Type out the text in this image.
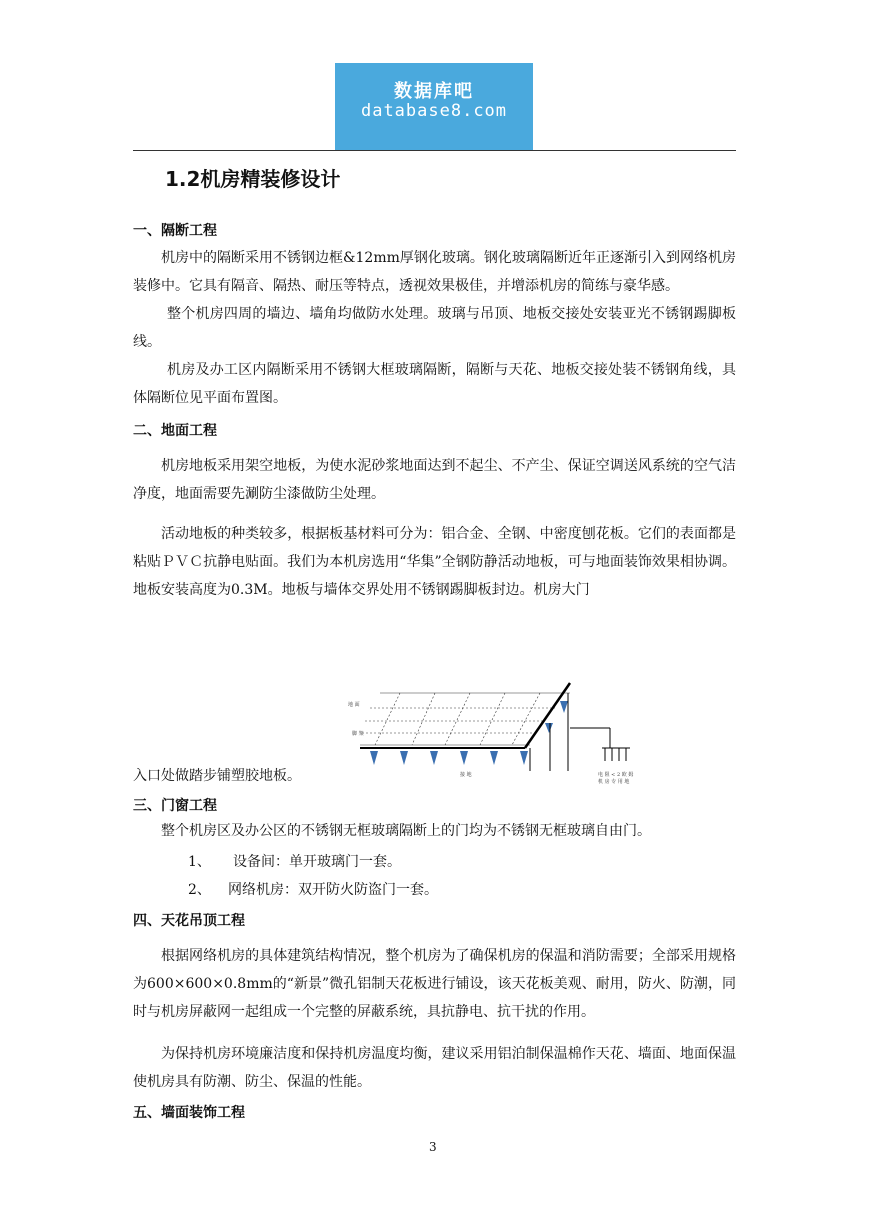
数据库吧
database8.com
1.2机房精装修设计
一、隔断工程
机房中的隔断采用不锈钢边框&12mm厚钢化玻璃。钢化玻璃隔断近年正逐渐引入到网络机房装修中。它具有隔音、隔热、耐压等特点，透视效果极佳，并增添机房的简练与豪华感。
整个机房四周的墙边、墙角均做防水处理。玻璃与吊顶、地板交接处安装亚光不锈钢踢脚板线。
机房及办工区内隔断采用不锈钢大框玻璃隔断，隔断与天花、地板交接处装不锈钢角线，具体隔断位见平面布置图。
二、地面工程
机房地板采用架空地板，为使水泥砂浆地面达到不起尘、不产尘、保证空调送风系统的空气洁净度，地面需要先涮防尘漆做防尘处理。
活动地板的种类较多，根据板基材料可分为：铝合金、全钢、中密度刨花板。它们的表面都是粘贴ＰＶＣ抗静电贴面。我们为本机房选用“华集”全钢防静活动地板，可与地面装饰效果相协调。地板安装高度为0.3M。地板与墙体交界处用不锈钢踢脚板封边。机房大门
地 面
脚 架
接 地	电 阻 < 2 欧 姆
机 房 专 用 地
入口处做踏步铺塑胶地板。
三、门窗工程
整个机房区及办公区的不锈钢无框玻璃隔断上的门均为不锈钢无框玻璃自由门。
1、 设备间：单开玻璃门一套。
2、 网络机房：双开防火防盗门一套。
四、天花吊顶工程
根据网络机房的具体建筑结构情况，整个机房为了确保机房的保温和消防需要；全部采用规格为600×600×0.8mm的“新景”微孔铝制天花板进行铺设，该天花板美观、耐用，防火、防潮，同时与机房屏蔽网一起组成一个完整的屏蔽系统，具抗静电、抗干扰的作用。
为保持机房环境廉洁度和保持机房温度均衡，建议采用铝泊制保温棉作天花、墙面、地面保温使机房具有防潮、防尘、保温的性能。
五、墙面装饰工程
3
